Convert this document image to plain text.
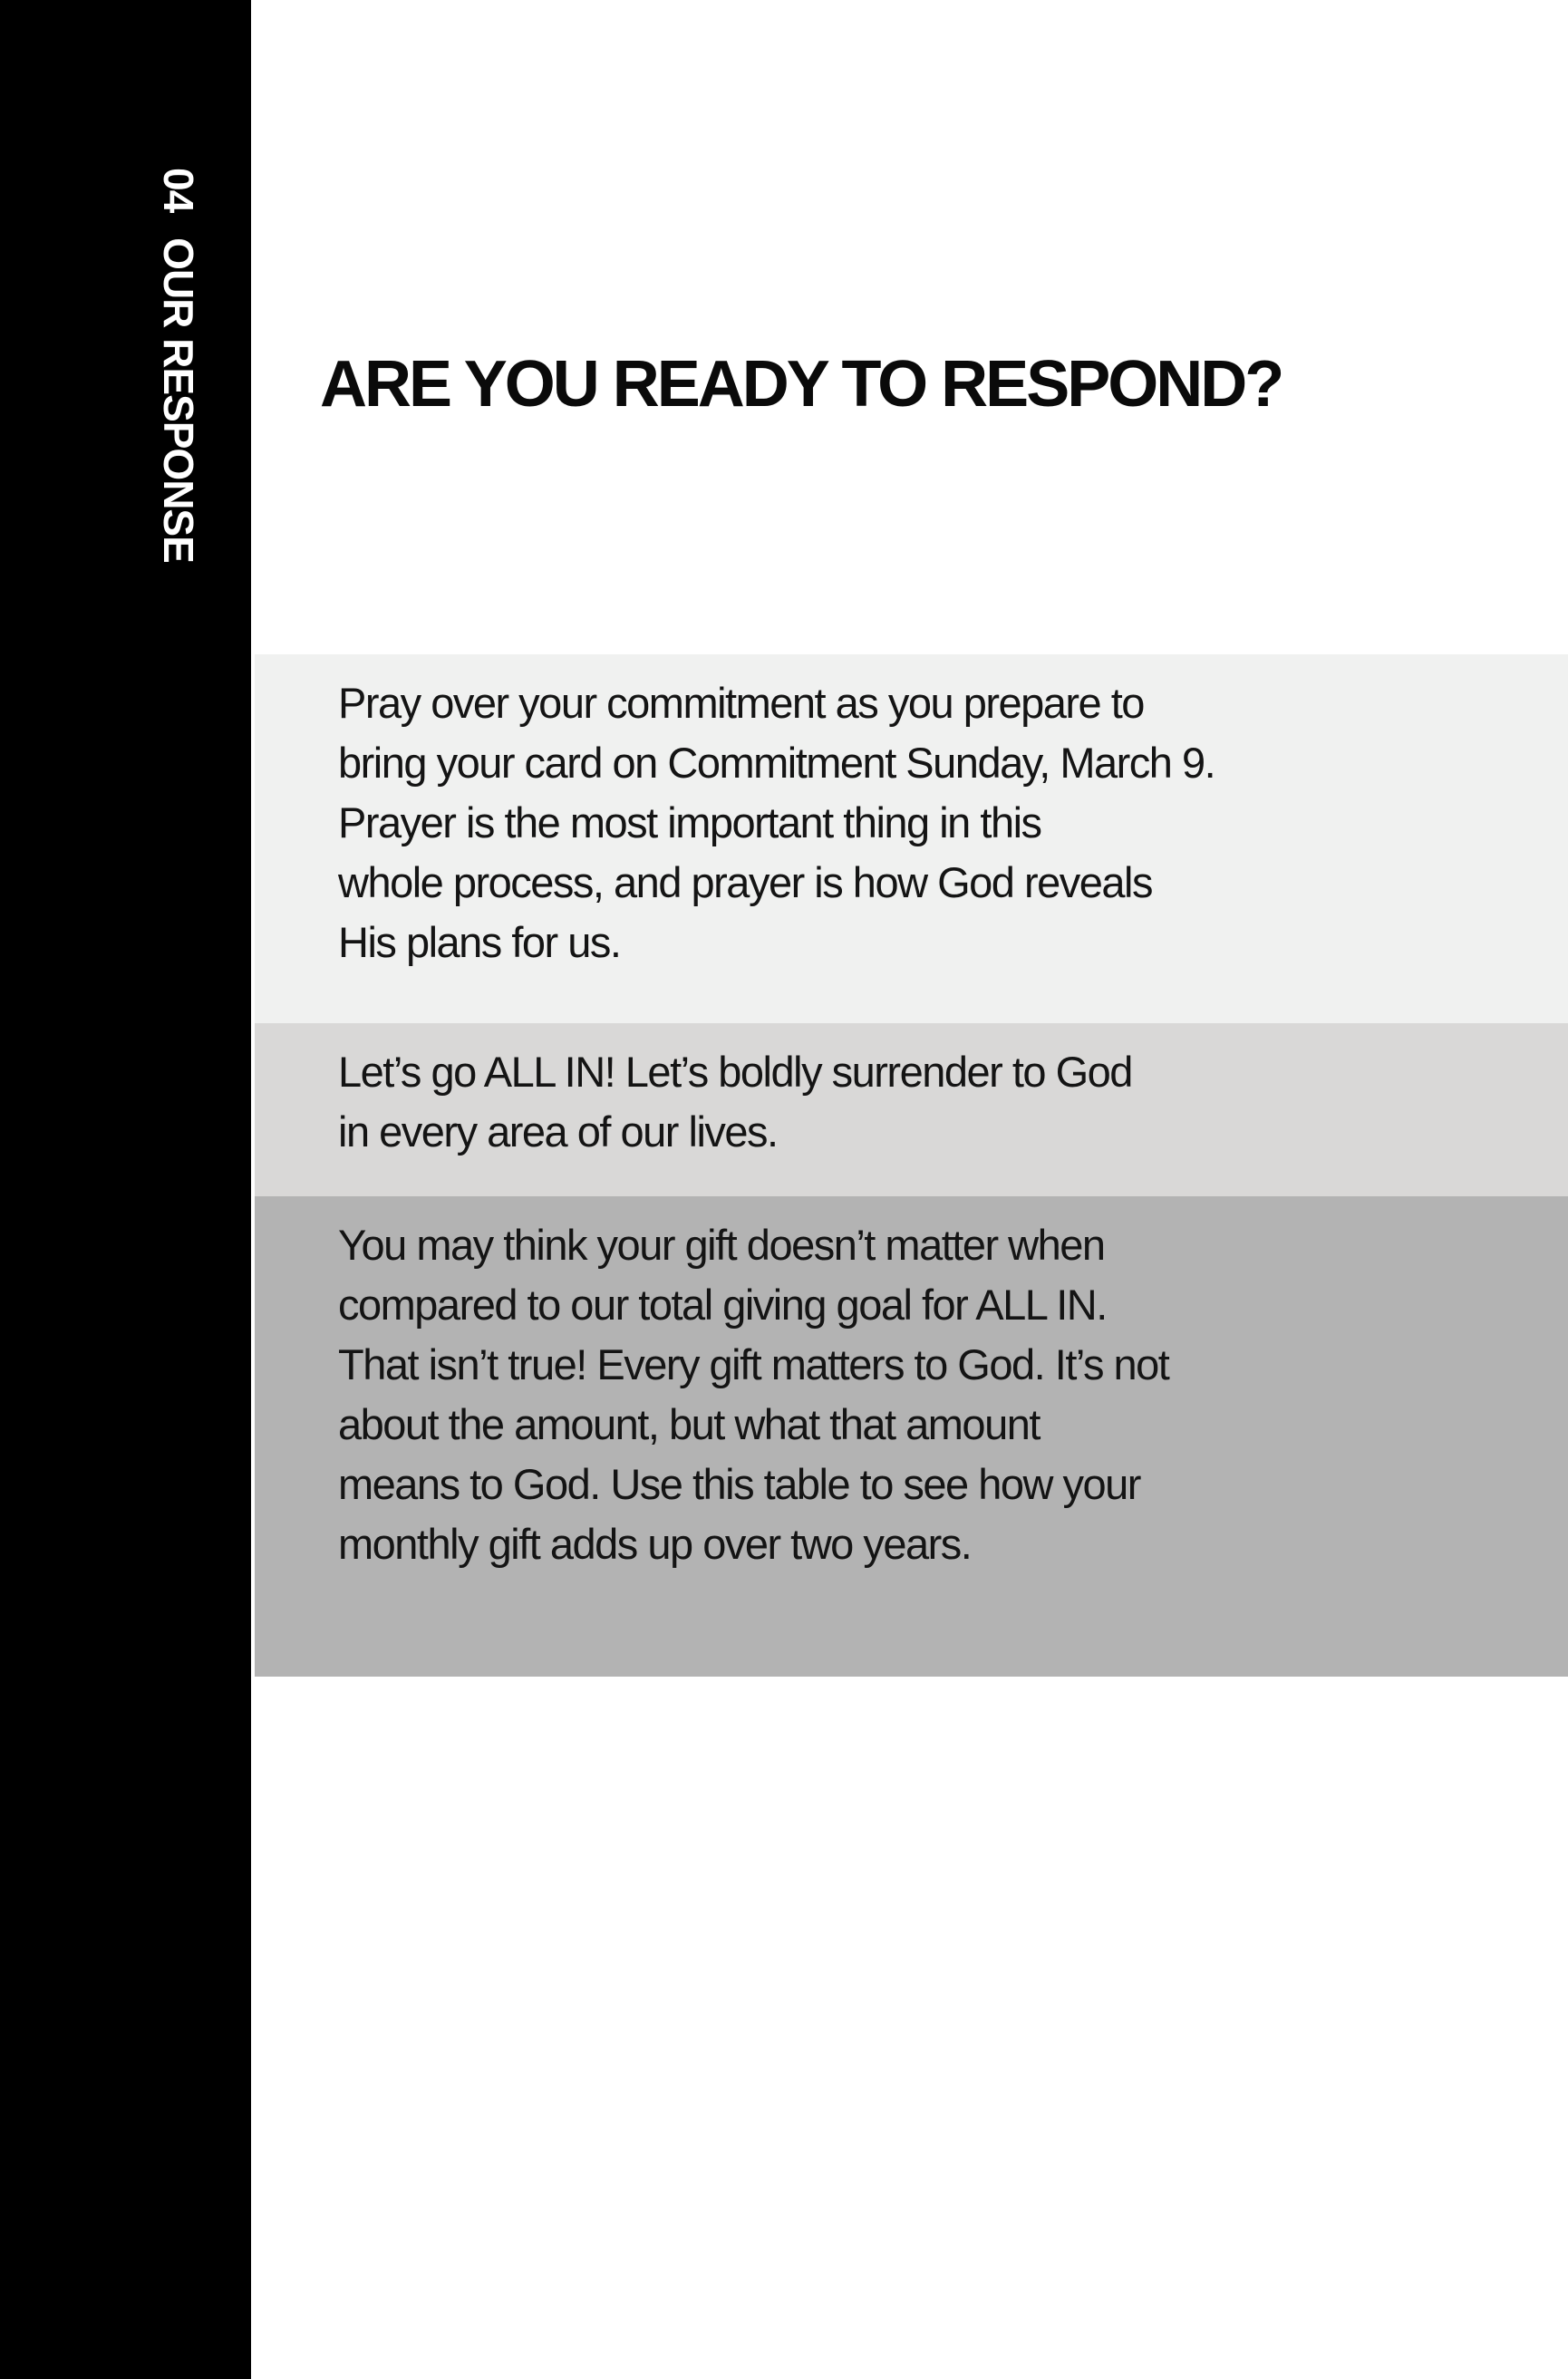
04OUR RESPONSE ARE YOU READY TO RESPOND?

Pray over your commitment as you prepare to
bring your card on Commitment Sunday, March 9.
Prayer is the most important thing in this
whole process, and prayer is how God reveals
His plans for us.

Let’s go ALL IN! Let’s boldly surrender to God
in every area of our lives.

You may think your gift doesn’t matter when
compared to our total giving goal for ALL IN.
That isn’t true! Every gift matters to God. It’s not
about the amount, but what that amount
means to God. Use this table to see how your
monthly gift adds up over two years.
